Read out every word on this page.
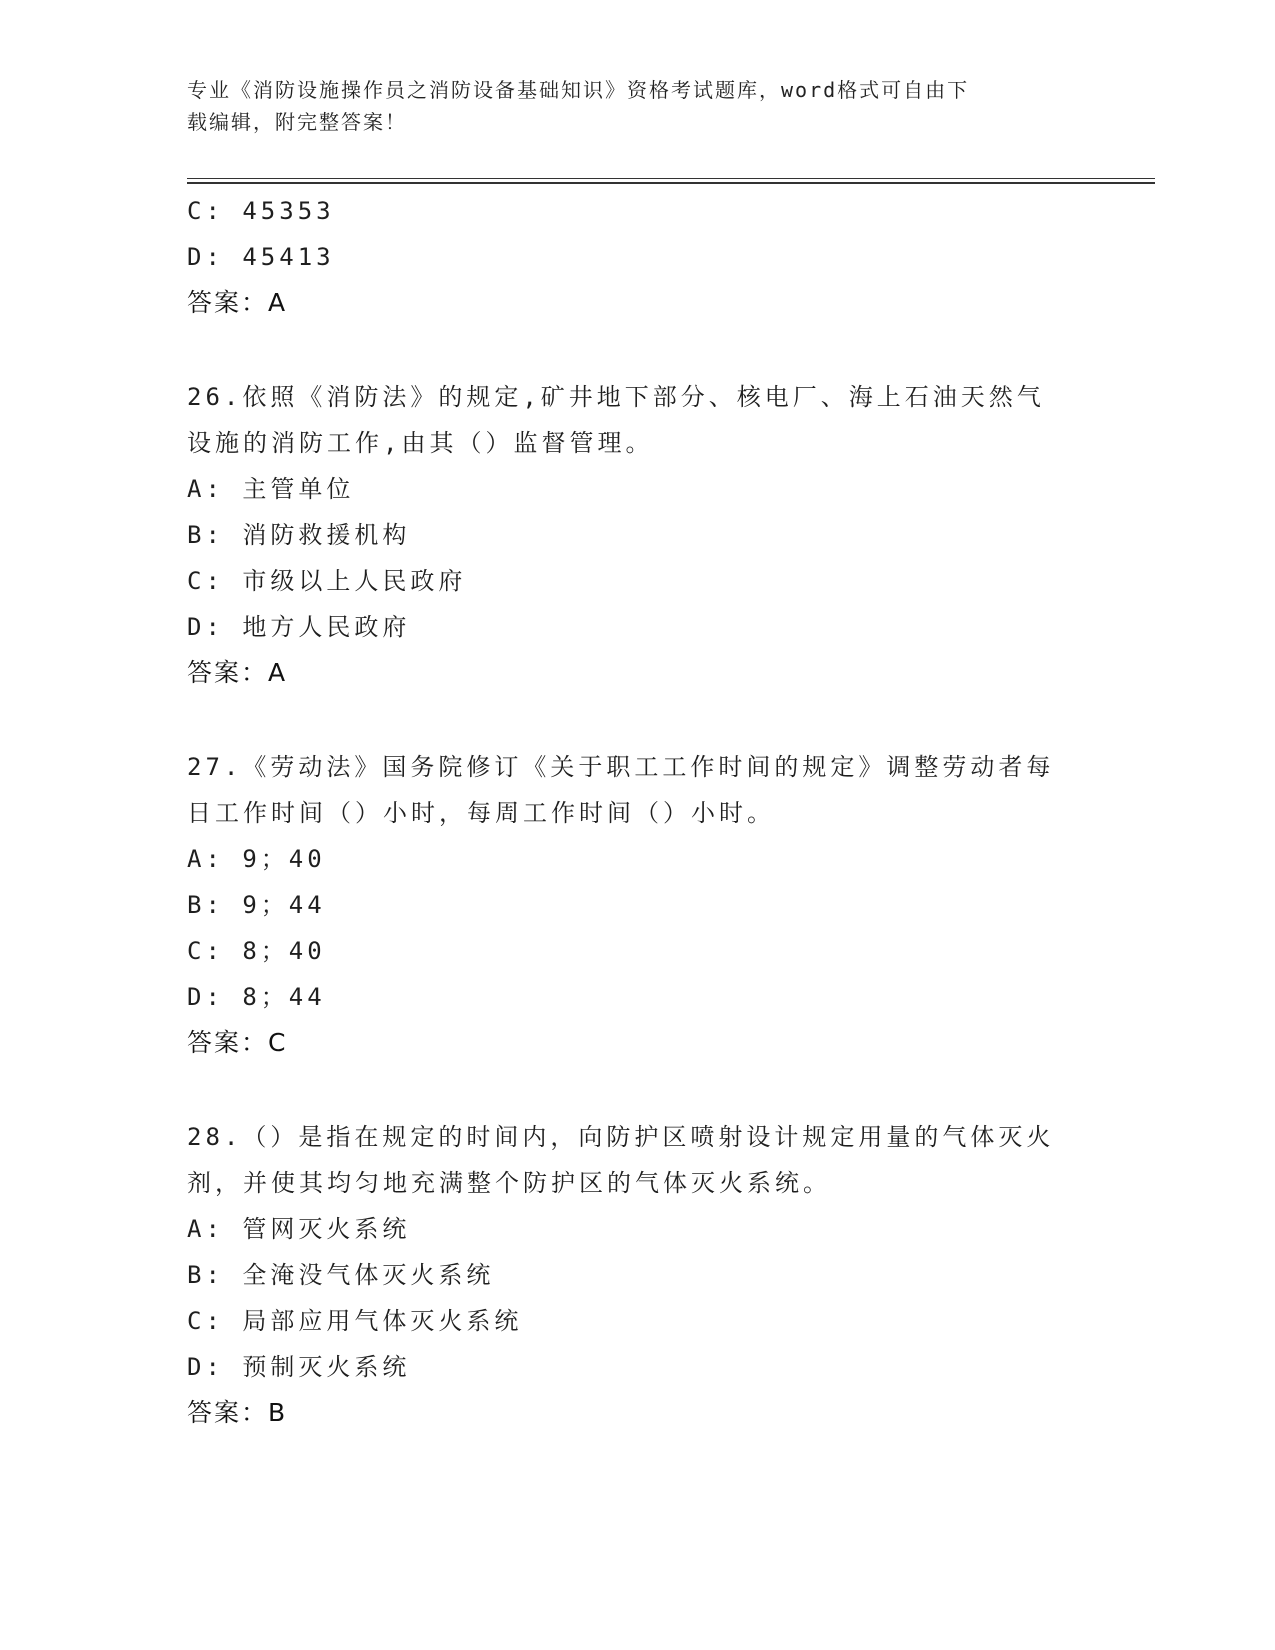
专业《消防设施操作员之消防设备基础知识》资格考试题库，word格式可自由下
载编辑，附完整答案！
C: 45353
D: 45413
答案：A
26.依照《消防法》的规定,矿井地下部分、核电厂、海上石油天然气
设施的消防工作,由其（）监督管理。
A: 主管单位
B: 消防救援机构
C: 市级以上人民政府
D: 地方人民政府
答案：A
27.《劳动法》国务院修订《关于职工工作时间的规定》调整劳动者每
日工作时间（）小时，每周工作时间（）小时。
A: 9；40
B: 9；44
C: 8；40
D: 8；44
答案：C
28.（）是指在规定的时间内，向防护区喷射设计规定用量的气体灭火
剂，并使其均匀地充满整个防护区的气体灭火系统。
A: 管网灭火系统
B: 全淹没气体灭火系统
C: 局部应用气体灭火系统
D: 预制灭火系统
答案：B
